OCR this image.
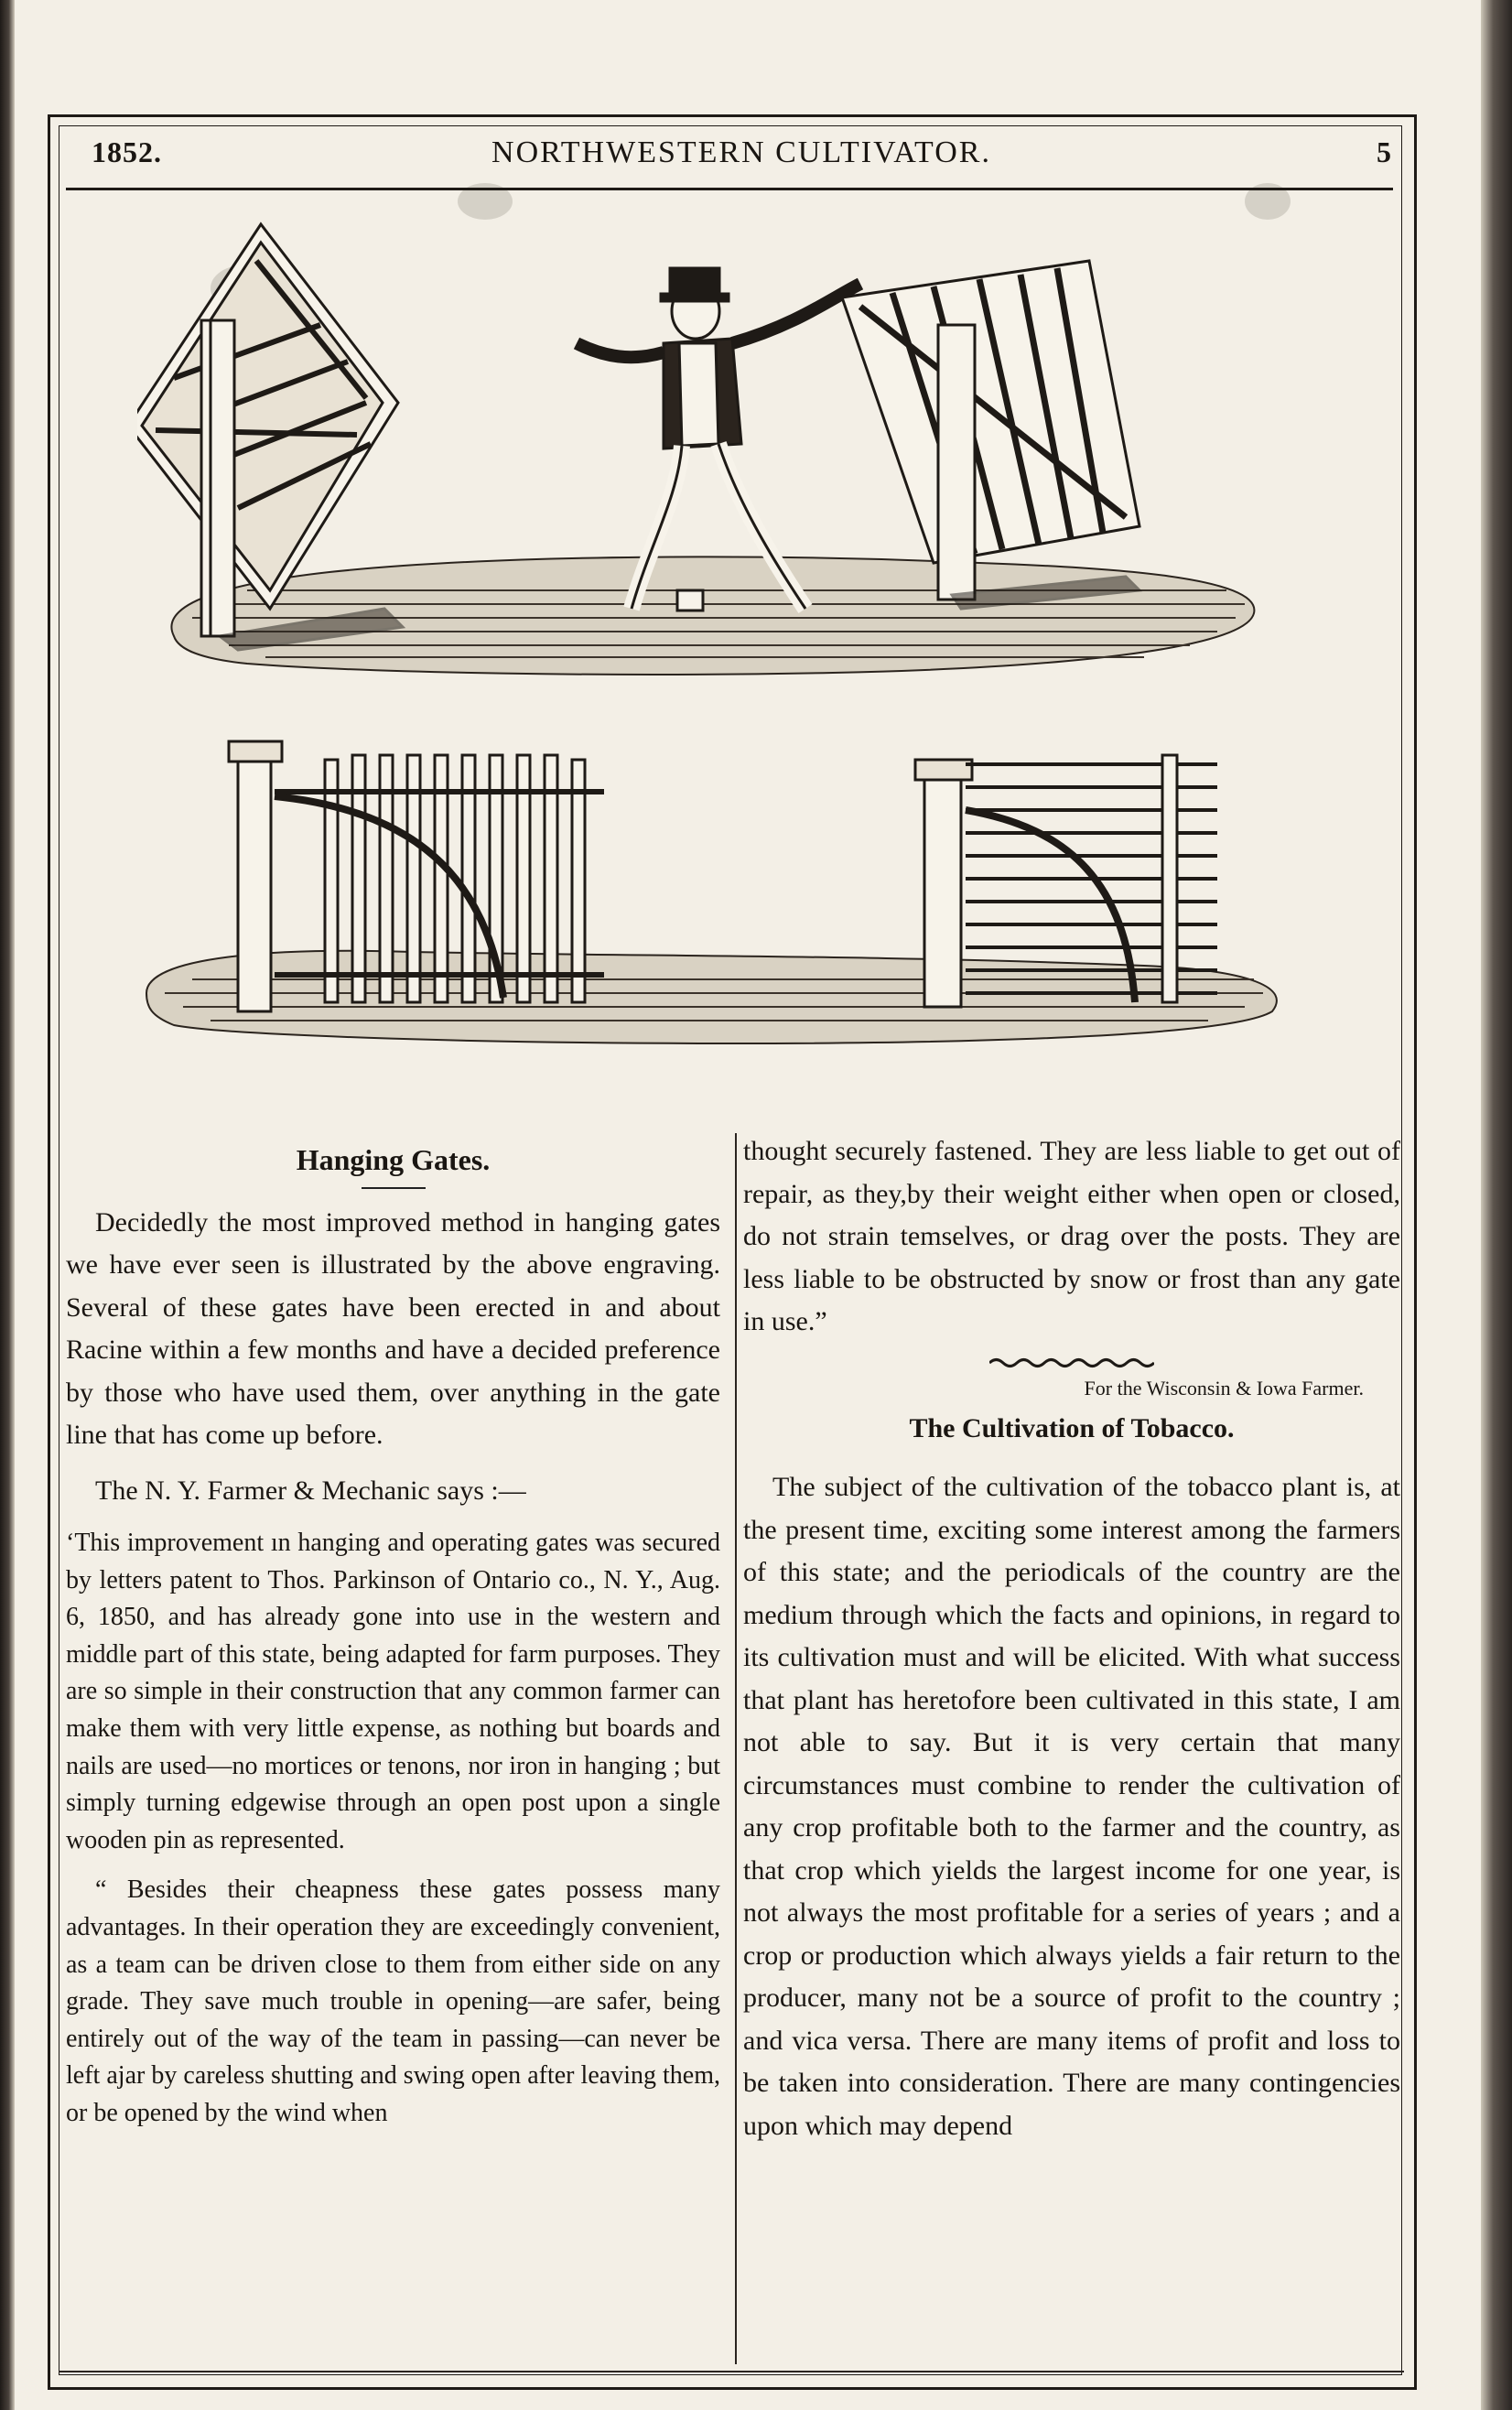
1852.	NORTHWESTERN CULTIVATOR.	5
Hanging Gates.

Decidedly the most improved method in hanging gates we have ever seen is illustrated by the above engraving. Several of these gates have been erected in and about Racine within a few months and have a decided preference by those who have used them, over anything in the gate line that has come up before.

The N. Y. Farmer & Mechanic says :—

‘This improvement ın hanging and operating gates was secured by letters patent to Thos. Parkinson of Ontario co., N. Y., Aug. 6, 1850, and has already gone into use in the western and middle part of this state, being adapted for farm purposes. They are so simple in their construction that any common farmer can make them with very little expense, as nothing but boards and nails are used—no mortices or tenons, nor iron in hanging ; but simply turning edgewise through an open post upon a single wooden pin as represented.

“ Besides their cheapness these gates possess many advantages. In their operation they are exceedingly convenient, as a team can be driven close to them from either side on any grade. They save much trouble in opening—are safer, being entirely out of the way of the team in passing—can never be left ajar by careless shutting and swing open after leaving them, or be opened by the wind when

thought securely fastened. They are less liable to get out of repair, as they,by their weight either when open or closed, do not strain temselves, or drag over the posts. They are less liable to be obstructed by snow or frost than any gate in use.”

For the Wisconsin & Iowa Farmer.

The Cultivation of Tobacco.

The subject of the cultivation of the tobacco plant is, at the present time, exciting some interest among the farmers of this state; and the periodicals of the country are the medium through which the facts and opinions, in regard to its cultivation must and will be elicited. With what success that plant has heretofore been cultivated in this state, I am not able to say. But it is very certain that many circumstances must combine to render the cultivation of any crop profitable both to the farmer and the country, as that crop which yields the largest income for one year, is not always the most profitable for a series of years ; and a crop or production which always yields a fair return to the producer, many not be a source of profit to the country ; and vica versa. There are many items of profit and loss to be taken into consideration. There are many contingencies upon which may depend
